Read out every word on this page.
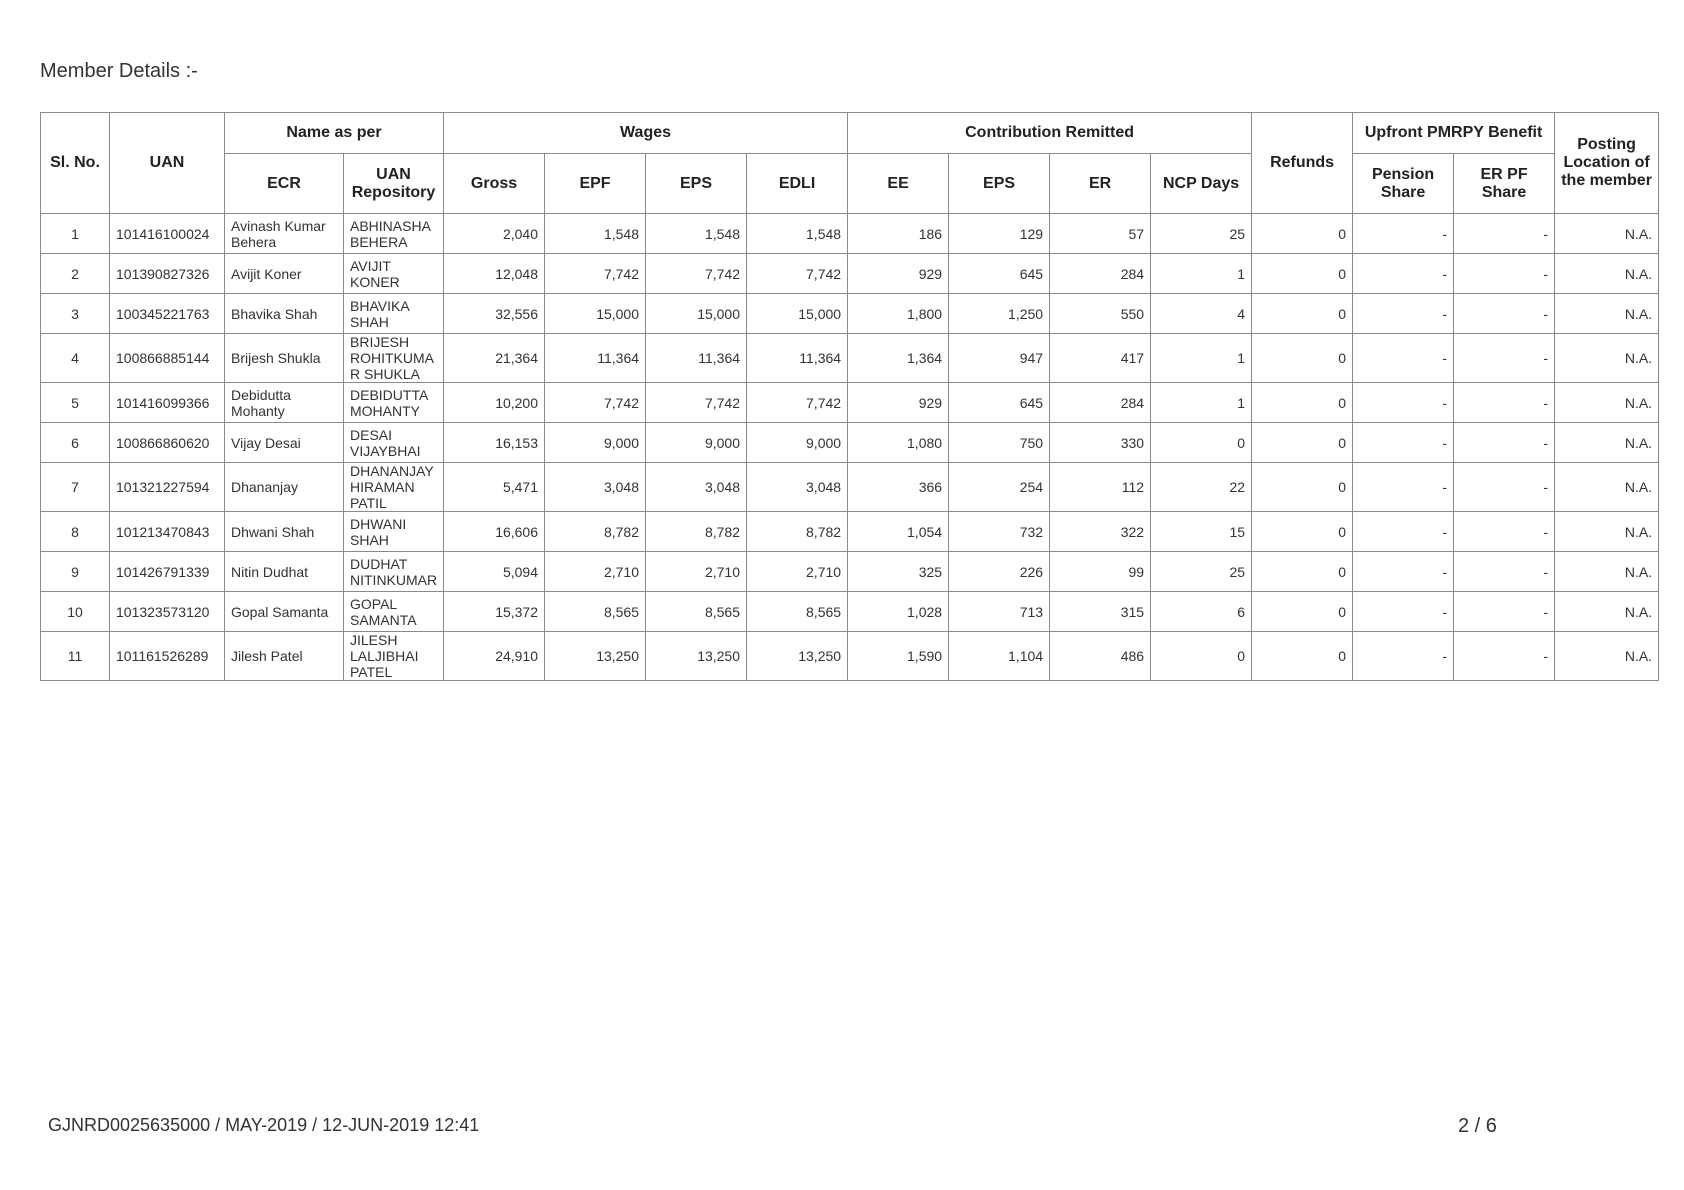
Member Details :-
Sl. No.	UAN	Name as per		Wages				Contribution Remitted				Refunds	Upfront PMRPY Benefit		Posting Location of the member
		ECR	UAN Repository	Gross	EPF	EPS	EDLI	EE	EPS	ER	NCP Days		Pension Share	ER PF Share	
1	101416100024	Avinash Kumar Behera	ABHINASHA BEHERA	2,040	1,548	1,548	1,548	186	129	57	25	0	-	-	N.A.
2	101390827326	Avijit Koner	AVIJIT KONER	12,048	7,742	7,742	7,742	929	645	284	1	0	-	-	N.A.
3	100345221763	Bhavika Shah	BHAVIKA SHAH	32,556	15,000	15,000	15,000	1,800	1,250	550	4	0	-	-	N.A.
4	100866885144	Brijesh Shukla	BRIJESH ROHITKUMA R SHUKLA	21,364	11,364	11,364	11,364	1,364	947	417	1	0	-	-	N.A.
5	101416099366	Debidutta Mohanty	DEBIDUTTA MOHANTY	10,200	7,742	7,742	7,742	929	645	284	1	0	-	-	N.A.
6	100866860620	Vijay Desai	DESAI VIJAYBHAI	16,153	9,000	9,000	9,000	1,080	750	330	0	0	-	-	N.A.
7	101321227594	Dhananjay	DHANANJAY HIRAMAN PATIL	5,471	3,048	3,048	3,048	366	254	112	22	0	-	-	N.A.
8	101213470843	Dhwani Shah	DHWANI SHAH	16,606	8,782	8,782	8,782	1,054	732	322	15	0	-	-	N.A.
9	101426791339	Nitin Dudhat	DUDHAT NITINKUMAR	5,094	2,710	2,710	2,710	325	226	99	25	0	-	-	N.A.
10	101323573120	Gopal Samanta	GOPAL SAMANTA	15,372	8,565	8,565	8,565	1,028	713	315	6	0	-	-	N.A.
11	101161526289	Jilesh Patel	JILESH LALJIBHAI PATEL	24,910	13,250	13,250	13,250	1,590	1,104	486	0	0	-	-	N.A.
GJNRD0025635000 / MAY-2019 / 12-JUN-2019 12:41	2 / 6
